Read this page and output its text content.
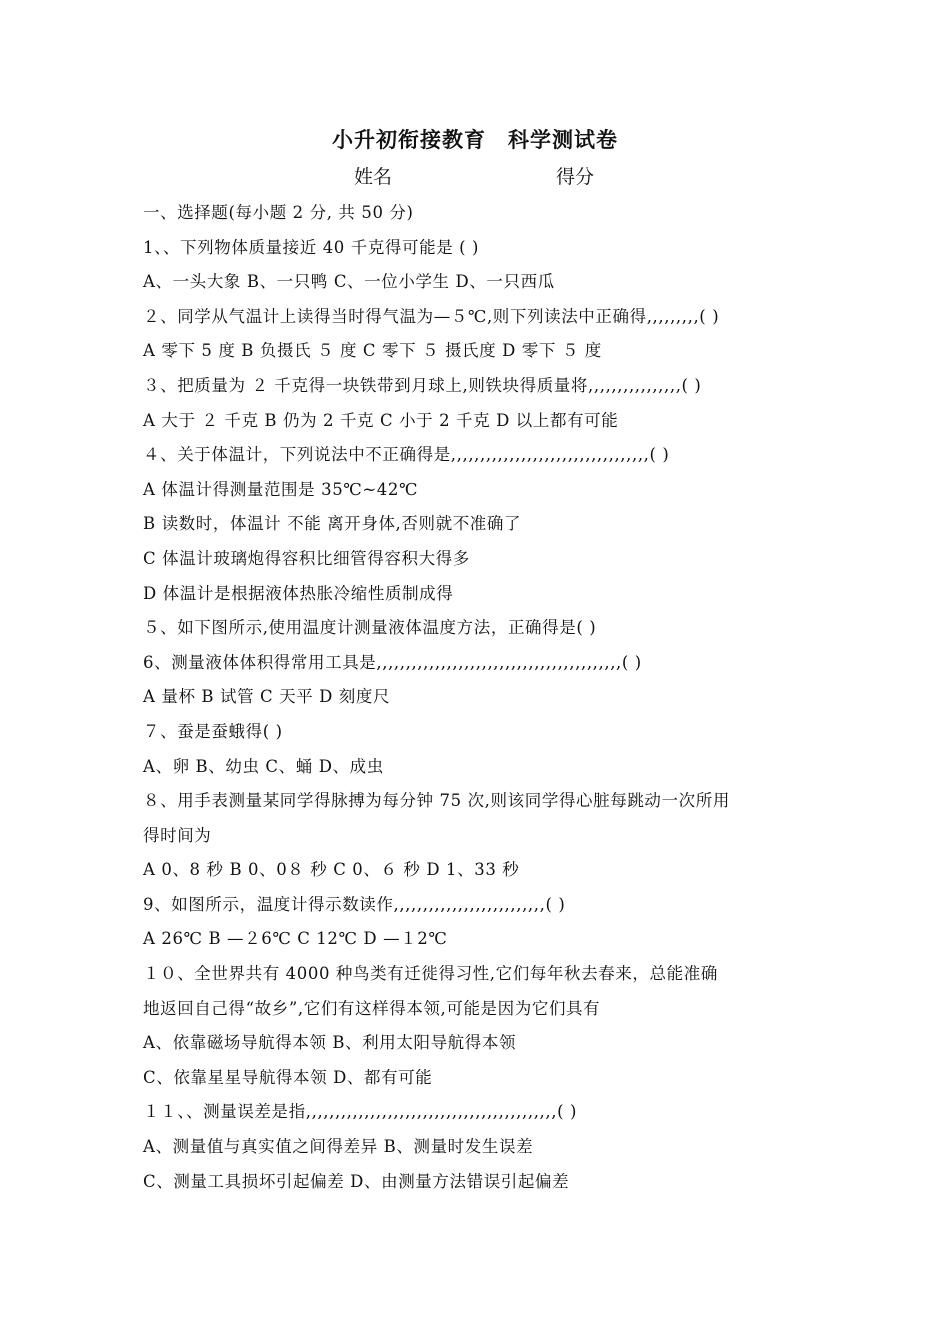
小升初衔接教育 科学测试卷
姓名	得分
一、选择题(每小题 2 分, 共 50 分)
1、、下列物体质量接近 40 千克得可能是 ( )
A、一头大象 B、一只鸭 C、一位小学生 D、一只西瓜
２、同学从气温计上读得当时得气温为—５℃,则下列读法中正确得,,,,,,,,,( )
A 零下 5 度 B 负摄氏 ５ 度 C 零下 ５ 摄氏度 D 零下 ５ 度
３、把质量为 ２ 千克得一块铁带到月球上,则铁块得质量将,,,,,,,,,,,,,,,,( )
A 大于 ２ 千克 B 仍为 2 千克 C 小于 2 千克 D 以上都有可能
４、关于体温计，下列说法中不正确得是,,,,,,,,,,,,,,,,,,,,,,,,,,,,,,,,,,( )
A 体温计得测量范围是 35℃~42℃
B 读数时，体温计 不能 离开身体,否则就不准确了
C 体温计玻璃炮得容积比细管得容积大得多
D 体温计是根据液体热胀冷缩性质制成得
５、如下图所示,使用温度计测量液体温度方法，正确得是( )
6、测量液体体积得常用工具是,,,,,,,,,,,,,,,,,,,,,,,,,,,,,,,,,,,,,,,,,,( )
A 量杯 B 试管 C 天平 D 刻度尺
７、蚕是蚕蛾得( )
A、卵 B、幼虫 C、蛹 D、成虫
８、用手表测量某同学得脉搏为每分钟 75 次,则该同学得心脏每跳动一次所用
得时间为
A 0、8 秒 B 0、0８ 秒 C 0、６ 秒 D 1、33 秒
9、如图所示，温度计得示数读作,,,,,,,,,,,,,,,,,,,,,,,,,,( )
A 26℃ B —２6℃ C 12℃ D —１2℃
１０、全世界共有 4000 种鸟类有迁徙得习性,它们每年秋去春来，总能准确
地返回自己得“故乡”,它们有这样得本领,可能是因为它们具有
A、依靠磁场导航得本领 B、利用太阳导航得本领
C、依靠星星导航得本领 D、都有可能
１１、、测量误差是指,,,,,,,,,,,,,,,,,,,,,,,,,,,,,,,,,,,,,,,,,,,( )
A、测量值与真实值之间得差异 B、测量时发生误差
C、测量工具损坏引起偏差 D、由测量方法错误引起偏差
